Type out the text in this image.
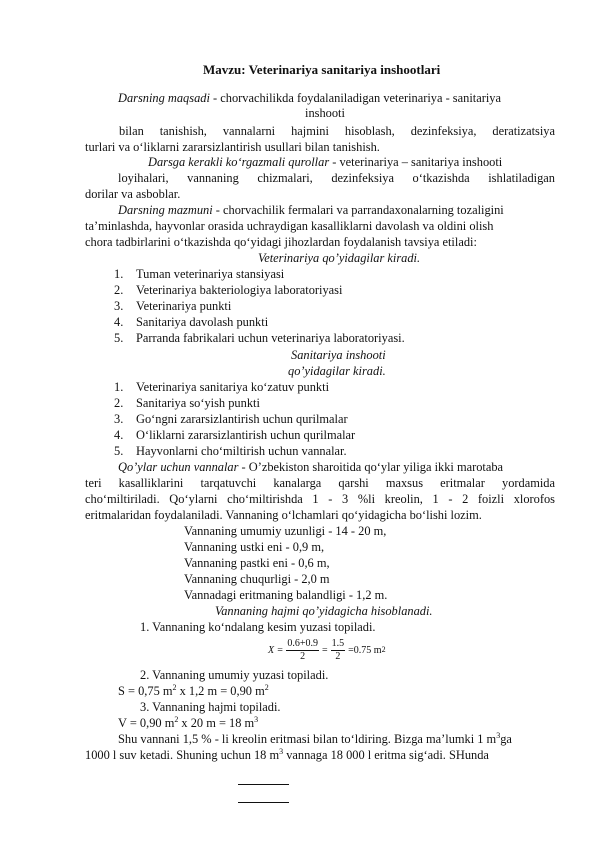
Mavzu: Veterinariya sanitariya inshootlari
Darsning maqsadi - chorvachilikda foydalaniladigan veterinariya - sanitariya
inshooti
bilan tanishish, vannalarni hajmini hisoblash, dezinfeksiya, deratizatsiya
turlari va o‘liklarni zararsizlantirish usullari bilan tanishish.
Darsga kerakli ko‘rgazmali qurollar - veterinariya – sanitariya inshooti
loyihalari, vannaning chizmalari, dezinfeksiya o‘tkazishda ishlatiladigan
dorilar va asboblar.
Darsning mazmuni - chorvachilik fermalari va parrandaxonalarning tozaligini
ta’minlashda, hayvonlar orasida uchraydigan kasalliklarni davolash va oldini olish
chora tadbirlarini o‘tkazishda qo‘yidagi jihozlardan foydalanish tavsiya etiladi:
Veterinariya qo’yidagilar kiradi.
1. Tuman veterinariya stansiyasi
2. Veterinariya bakteriologiya laboratoriyasi
3. Veterinariya punkti
4. Sanitariya davolash punkti
5. Parranda fabrikalari uchun veterinariya laboratoriyasi.
Sanitariya inshooti
qo’yidagilar kiradi.
1. Veterinariya sanitariya ko‘zatuv punkti
2. Sanitariya so‘yish punkti
3. Go‘ngni zararsizlantirish uchun qurilmalar
4. O‘liklarni zararsizlantirish uchun qurilmalar
5. Hayvonlarni cho‘miltirish uchun vannalar.
Qo’ylar uchun vannalar - O’zbekiston sharoitida qo‘ylar yiliga ikki marotaba
teri kasalliklarini tarqatuvchi kanalarga qarshi maxsus eritmalar yordamida
cho‘miltiriladi. Qo‘ylarni cho‘miltirishda 1 - 3 %li kreolin, 1 - 2 foizli xlorofos
eritmalaridan foydalaniladi. Vannaning o‘lchamlari qo‘yidagicha bo‘lishi lozim.
Vannaning umumiy uzunligi - 14 - 20 m,
Vannaning ustki eni - 0,9 m,
Vannaning pastki eni - 0,6 m,
Vannaning chuqurligi - 2,0 m
Vannadagi eritmaning balandligi - 1,2 m.
Vannaning hajmi qo’yidagicha hisoblanadi.
1. Vannaning ko‘ndalang kesim yuzasi topiladi.
$X = \frac{0.6+0.9}{2} = \frac{1.5}{2} =0.75$ m 2
2. Vannaning umumiy yuzasi topiladi.
S = 0,75 $m^2$ x 1,2 m = 0,90 $m^2$
3. Vannaning hajmi topiladi.
V = 0,90 $m^2$ x 20 m = 18 $m^3$
Shu vannani 1,5 % - li kreolin eritmasi bilan to‘ldiring. Bizga ma’lumki 1 $m^3ga$
1000 l suv ketadi. Shuning uchun 18 $m^3$ vannaga 18 000 l eritma sig‘adi. SHunda
